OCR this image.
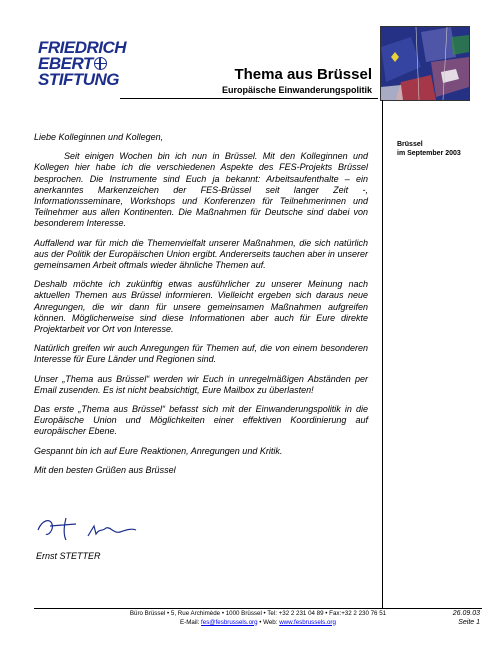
FRIEDRICH
EBERT
STIFTUNG	Thema aus Brüssel
Europäische Einwanderungspolitik
Brüssel
im September 2003

Liebe Kolleginnen und Kollegen,

Seit einigen Wochen bin ich nun in Brüssel. Mit den Kolleginnen und Kollegen hier habe ich die verschiedenen Aspekte des FES-Projekts Brüssel besprochen. Die Instrumente sind Euch ja bekannt: Arbeitsaufenthalte – ein anerkanntes Markenzeichen der FES-Brüssel seit langer Zeit -, Informationsseminare, Workshops und Konferenzen für Teilnehmerinnen und Teilnehmer aus allen Kontinenten. Die Maßnahmen für Deutsche sind dabei von besonderem Interesse.

Auffallend war für mich die Themenvielfalt unserer Maßnahmen, die sich natürlich aus der Politik der Europäischen Union ergibt. Andererseits tauchen aber in unserer gemeinsamen Arbeit oftmals wieder ähnliche Themen auf.

Deshalb möchte ich zukünftig etwas ausführlicher zu unserer Meinung nach aktuellen Themen aus Brüssel informieren. Vielleicht ergeben sich daraus neue Anregungen, die wir dann für unsere gemeinsamen Maßnahmen aufgreifen können. Möglicherweise sind diese Informationen aber auch für Eure direkte Projektarbeit vor Ort von Interesse.

Natürlich greifen wir auch Anregungen für Themen auf, die von einem besonderen Interesse für Eure Länder und Regionen sind.

Unser „Thema aus Brüssel“ werden wir Euch in unregelmäßigen Abständen per Email zusenden. Es ist nicht beabsichtigt, Eure Mailbox zu überlasten!

Das erste „Thema aus Brüssel“ befasst sich mit der Einwanderungspolitik in die Europäische Union und Möglichkeiten einer effektiven Koordinierung auf europäischer Ebene.

Gespannt bin ich auf Eure Reaktionen, Anregungen und Kritik.

Mit den besten Grüßen aus Brüssel

Ernst STETTER
Büro Brüssel • 5, Rue Archimède • 1000 Brüssel • Tel: +32 2 231 04 89 • Fax:+32 2 230 76 51
E-Mail: fes@fesbrussels.org • Web: www.fesbrussels.org
26.09.03
Seite 1
